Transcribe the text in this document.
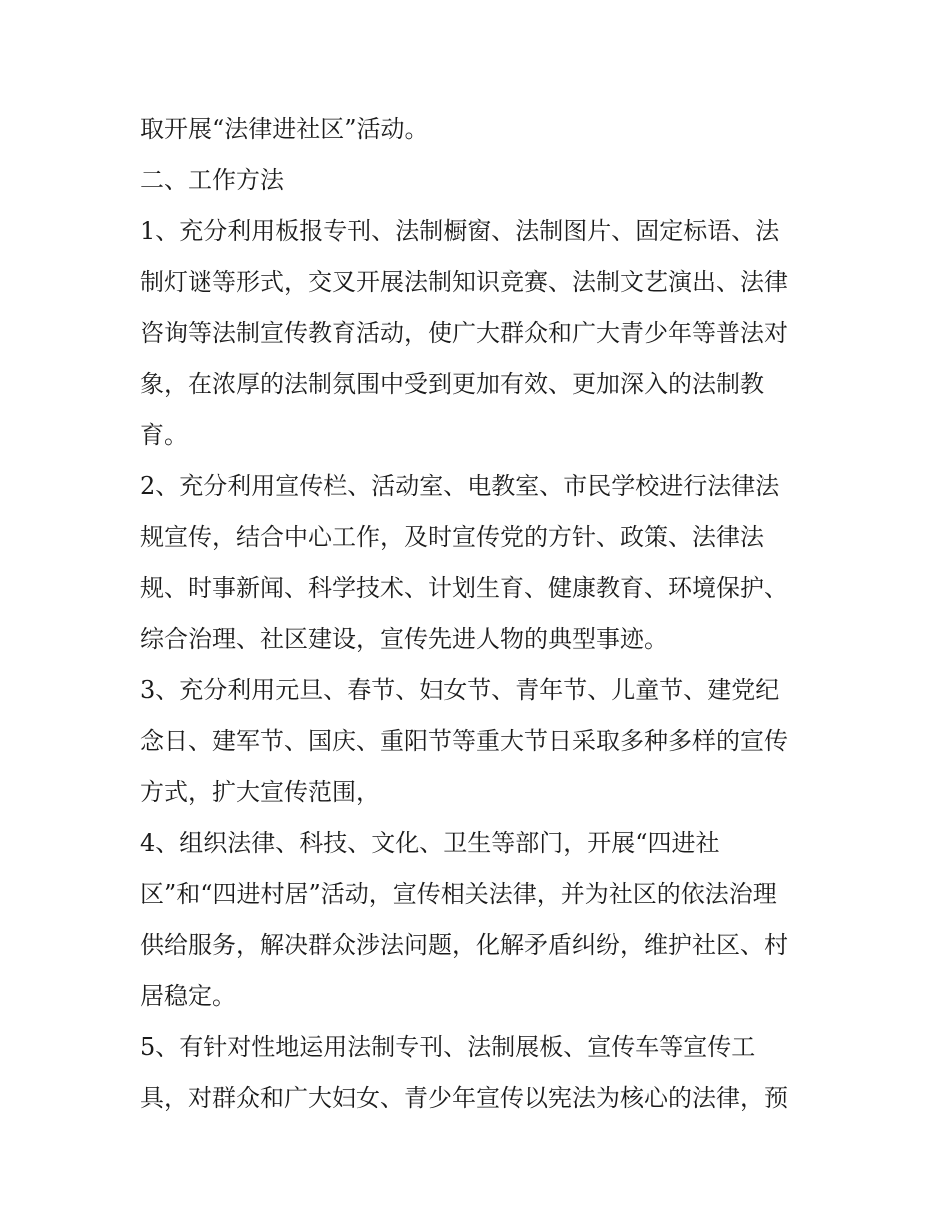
取开展“法律进社区”活动。
二、工作方法
1、充分利用板报专刊、法制橱窗、法制图片、固定标语、法
制灯谜等形式，交叉开展法制知识竞赛、法制文艺演出、法律
咨询等法制宣传教育活动，使广大群众和广大青少年等普法对
象，在浓厚的法制氛围中受到更加有效、更加深入的法制教
育。
2、充分利用宣传栏、活动室、电教室、市民学校进行法律法
规宣传，结合中心工作，及时宣传党的方针、政策、法律法
规、时事新闻、科学技术、计划生育、健康教育、环境保护、
综合治理、社区建设，宣传先进人物的典型事迹。
3、充分利用元旦、春节、妇女节、青年节、儿童节、建党纪
念日、建军节、国庆、重阳节等重大节日采取多种多样的宣传
方式，扩大宣传范围，
4、组织法律、科技、文化、卫生等部门，开展“四进社
区”和“四进村居”活动，宣传相关法律，并为社区的依法治理
供给服务，解决群众涉法问题，化解矛盾纠纷，维护社区、村
居稳定。
5、有针对性地运用法制专刊、法制展板、宣传车等宣传工
具，对群众和广大妇女、青少年宣传以宪法为核心的法律，预
